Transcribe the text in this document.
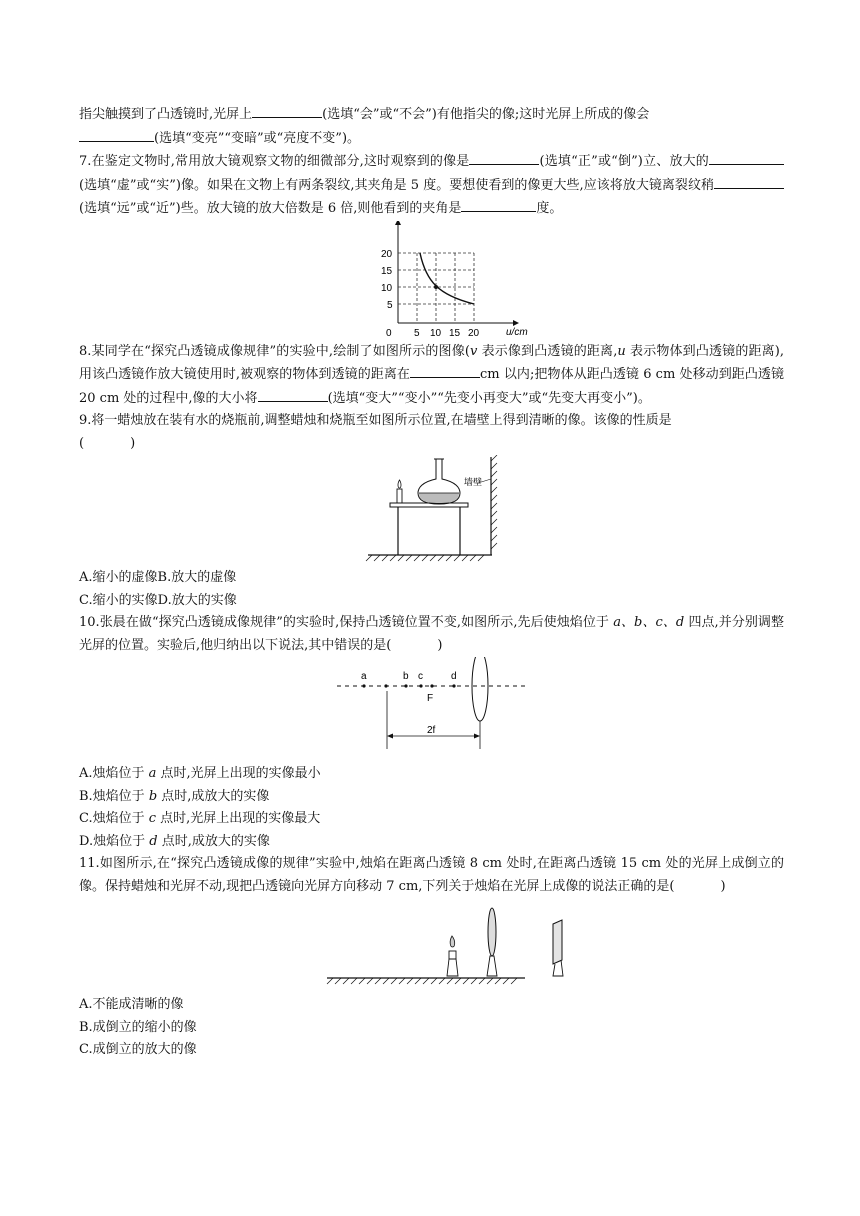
指尖触摸到了凸透镜时,光屏上	(选填“会”或“不会”)有他指尖的像;这时光屏上所成的像会
(选填“变亮”“变暗”或“亮度不变”)。

7.在鉴定文物时,常用放大镜观察文物的细微部分,这时观察到的像是	(选填“正”或“倒”)立、放大的(选填“虚”或“实”)像。如果在文物上有两条裂纹,其夹角是 5 度。要想使看到的像更大些,应该将放大镜离裂纹稍(选填“远”或“近”)些。放大镜的放大倍数是 6 倍,则他看到的夹角是	度。

u/cm
20
15
10
5
0 5 10 15 20

8.某同学在“探究凸透镜成像规律”的实验中,绘制了如图所示的图像(v 表示像到凸透镜的距离,u 表示物体到凸透镜的距离),用该凸透镜作放大镜使用时,被观察的物体到透镜的距离在	cm 以内;把物体从距凸透镜 6 cm 处移动到距凸透镜 20 cm 处的过程中,像的大小将	(选填“变大”“变小”“先变小再变大”或“先变大再变小”)。

9.将一蜡烛放在装有水的烧瓶前,调整蜡烛和烧瓶至如图所示位置,在墙壁上得到清晰的像。该像的性质是
(	)

墙壁

A.缩小的虚像B.放大的虚像

C.缩小的实像D.放大的实像

10.张晨在做“探究凸透镜成像规律”的实验时,保持凸透镜位置不变,如图所示,先后使烛焰位于 a、b、c、d 四点,并分别调整光屏的位置。实验后,他归纳出以下说法,其中错误的是(	)

a	b c	d
F
2f

A.烛焰位于 a 点时,光屏上出现的实像最小

B.烛焰位于 b 点时,成放大的实像

C.烛焰位于 c 点时,光屏上出现的实像最大

D.烛焰位于 d 点时,成放大的实像

11.如图所示,在“探究凸透镜成像的规律”实验中,烛焰在距离凸透镜 8 cm 处时,在距离凸透镜 15 cm 处的光屏上成倒立的像。保持蜡烛和光屏不动,现把凸透镜向光屏方向移动 7 cm,下列关于烛焰在光屏上成像的说法正确的是(	)

A.不能成清晰的像

B.成倒立的缩小的像

C.成倒立的放大的像
